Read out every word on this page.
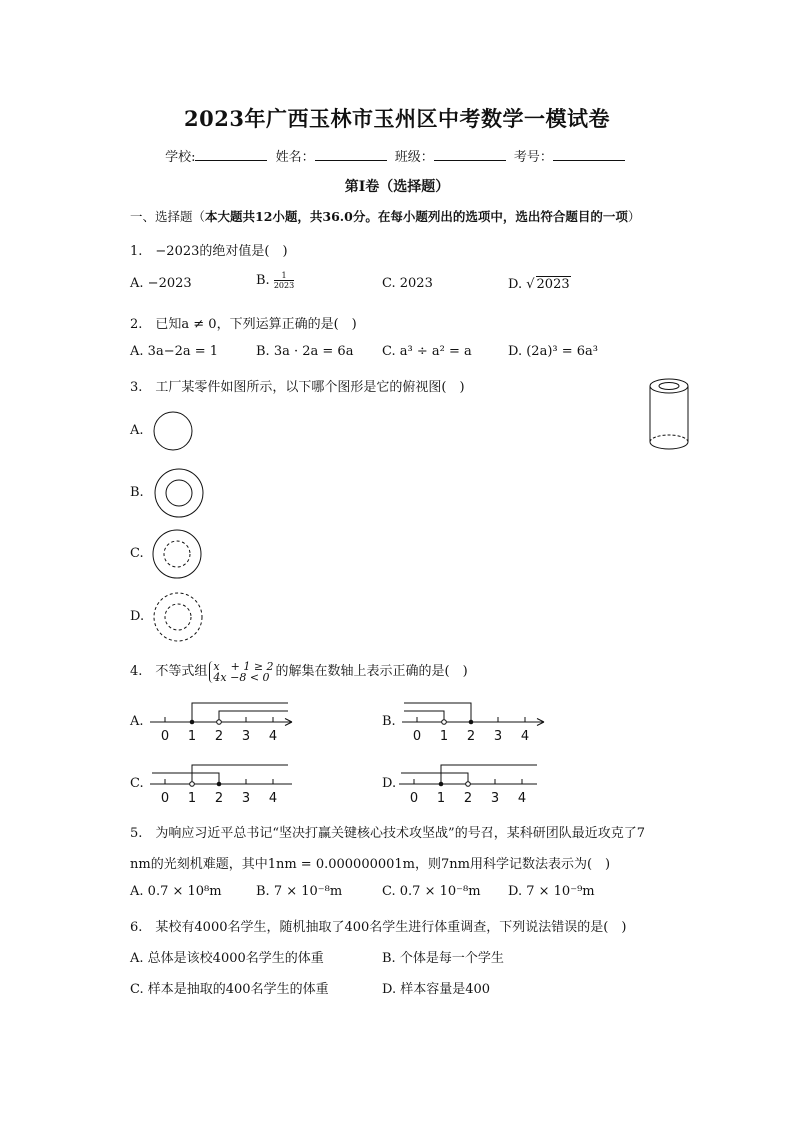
2023年广西玉林市玉州区中考数学一模试卷
学校:	姓名：	班级：	考号：
第Ⅰ卷（选择题）
一、选择题（本大题共12小题，共36.0分。在每小题列出的选项中，选出符合题目的一项）
1.　−2023的绝对值是(　)
A. −2023	B. $\frac{1}{2023}$	C. 2023	D. √ 2023
2.　已知a ≠ 0，下列运算正确的是(　)
A. 3a−2a = 1	B. 3a · 2a = 6a C. a³ ÷ a² = a	D. (2a)³ = 6a³
3.　工厂某零件如图所示，以下哪个图形是它的俯视图(　)
A.
B.
C.
D.
4.　不等式组 x　+ 1 ≥ 2
4x −8 < 0 的解集在数轴上表示正确的是(　)
A.
0 1 2 3 4
B.
0 1 2 3 4
C.
0 1 2 3 4
D.
0 1 2 3 4
5.　为响应习近平总书记“坚决打赢关键核心技术攻坚战”的号召，某科研团队最近攻克了7
nm的光刻机难题，其中1nm = 0.000000001m，则7nm用科学记数法表示为(　)
A. 0.7 × 10⁸m	B. 7 × 10⁻⁸m	C. 0.7 × 10⁻⁸m D. 7 × 10⁻⁹m
6.　某校有4000名学生，随机抽取了400名学生进行体重调查，下列说法错误的是(　)
A. 总体是该校4000名学生的体重	B. 个体是每一个学生
C. 样本是抽取的400名学生的体重	D. 样本容量是400
